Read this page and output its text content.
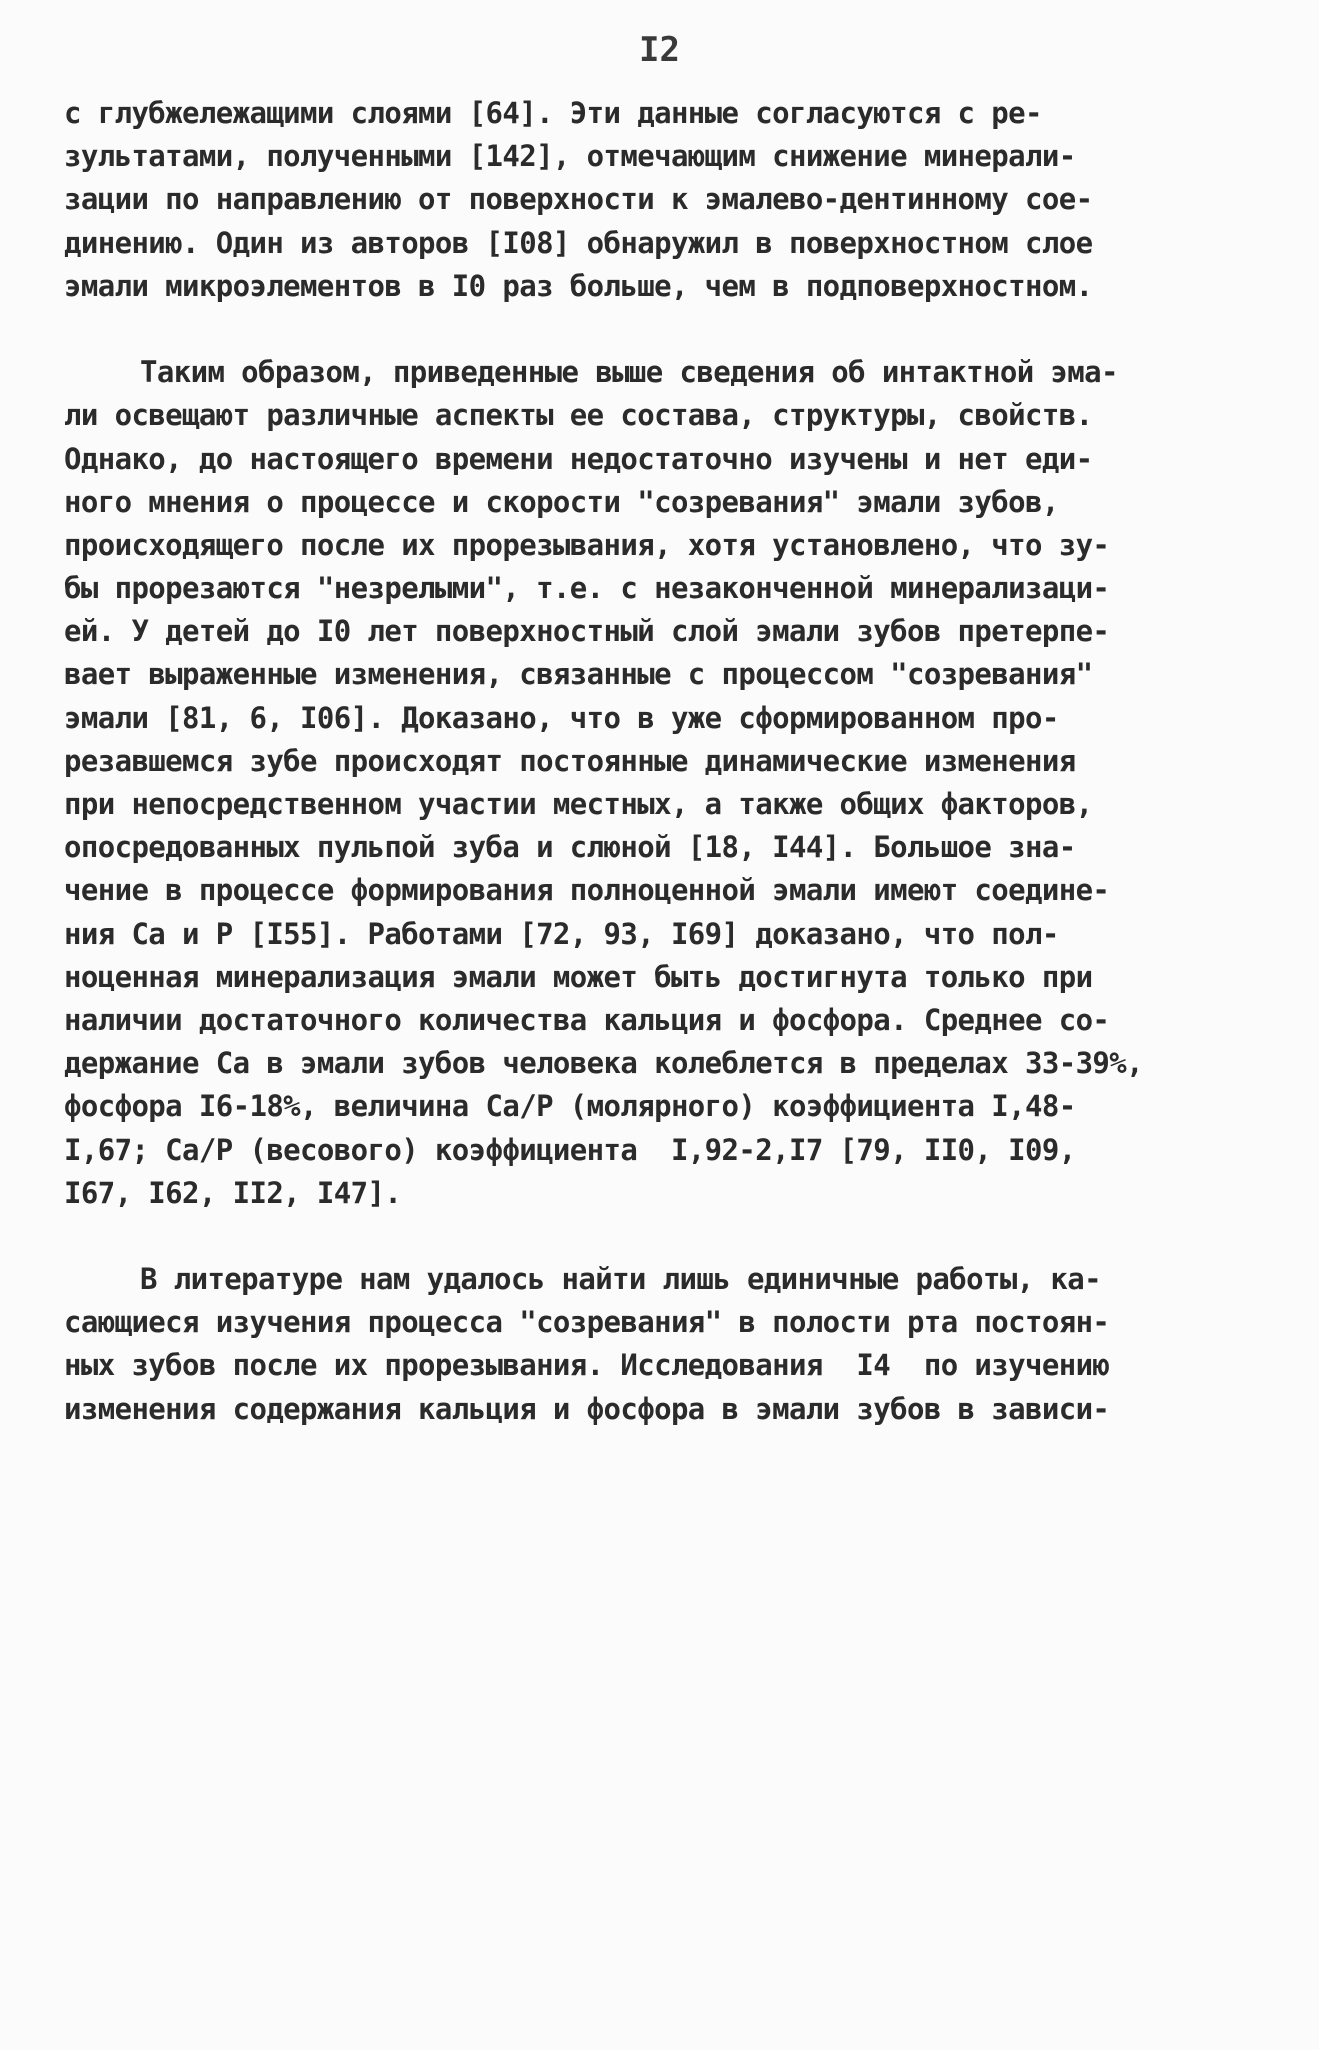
I2
с глубжележащими слоями [64]. Эти данные согласуются с ре-
зультатами, полученными [142], отмечающим снижение минерали-
зации по направлению от поверхности к эмалево-дентинному сое-
динению. Один из авторов [I08] обнаружил в поверхностном слое
эмали микроэлементов в I0 раз больше, чем в подповерхностном.
Таким образом, приведенные выше сведения об интактной эма-
ли освещают различные аспекты ее состава, структуры, свойств.
Однако, до настоящего времени недостаточно изучены и нет еди-
ного мнения о процессе и скорости "созревания" эмали зубов,
происходящего после их прорезывания, хотя установлено, что зу-
бы прорезаются "незрелыми", т.е. с незаконченной минерализаци-
ей. У детей до I0 лет поверхностный слой эмали зубов претерпе-
вает выраженные изменения, связанные с процессом "созревания"
эмали [81, 6, I06]. Доказано, что в уже сформированном про-
резавшемся зубе происходят постоянные динамические изменения
при непосредственном участии местных, а также общих факторов,
опосредованных пульпой зуба и слюной [18, I44]. Большое зна-
чение в процессе формирования полноценной эмали имеют соедине-
ния Са и Р [I55]. Работами [72, 93, I69] доказано, что пол-
ноценная минерализация эмали может быть достигнута только при
наличии достаточного количества кальция и фосфора. Среднее со-
держание Са в эмали зубов человека колеблется в пределах 33-39%,
фосфора I6-18%, величина Са/Р (молярного) коэффициента I,48-
I,67; Са/Р (весового) коэффициента  I,92-2,I7 [79, II0, I09,
I67, I62, II2, I47].
В литературе нам удалось найти лишь единичные работы, ка-
сающиеся изучения процесса "созревания" в полости рта постоян-
ных зубов после их прорезывания. Исследования  I4  по изучению
изменения содержания кальция и фосфора в эмали зубов в зависи-
